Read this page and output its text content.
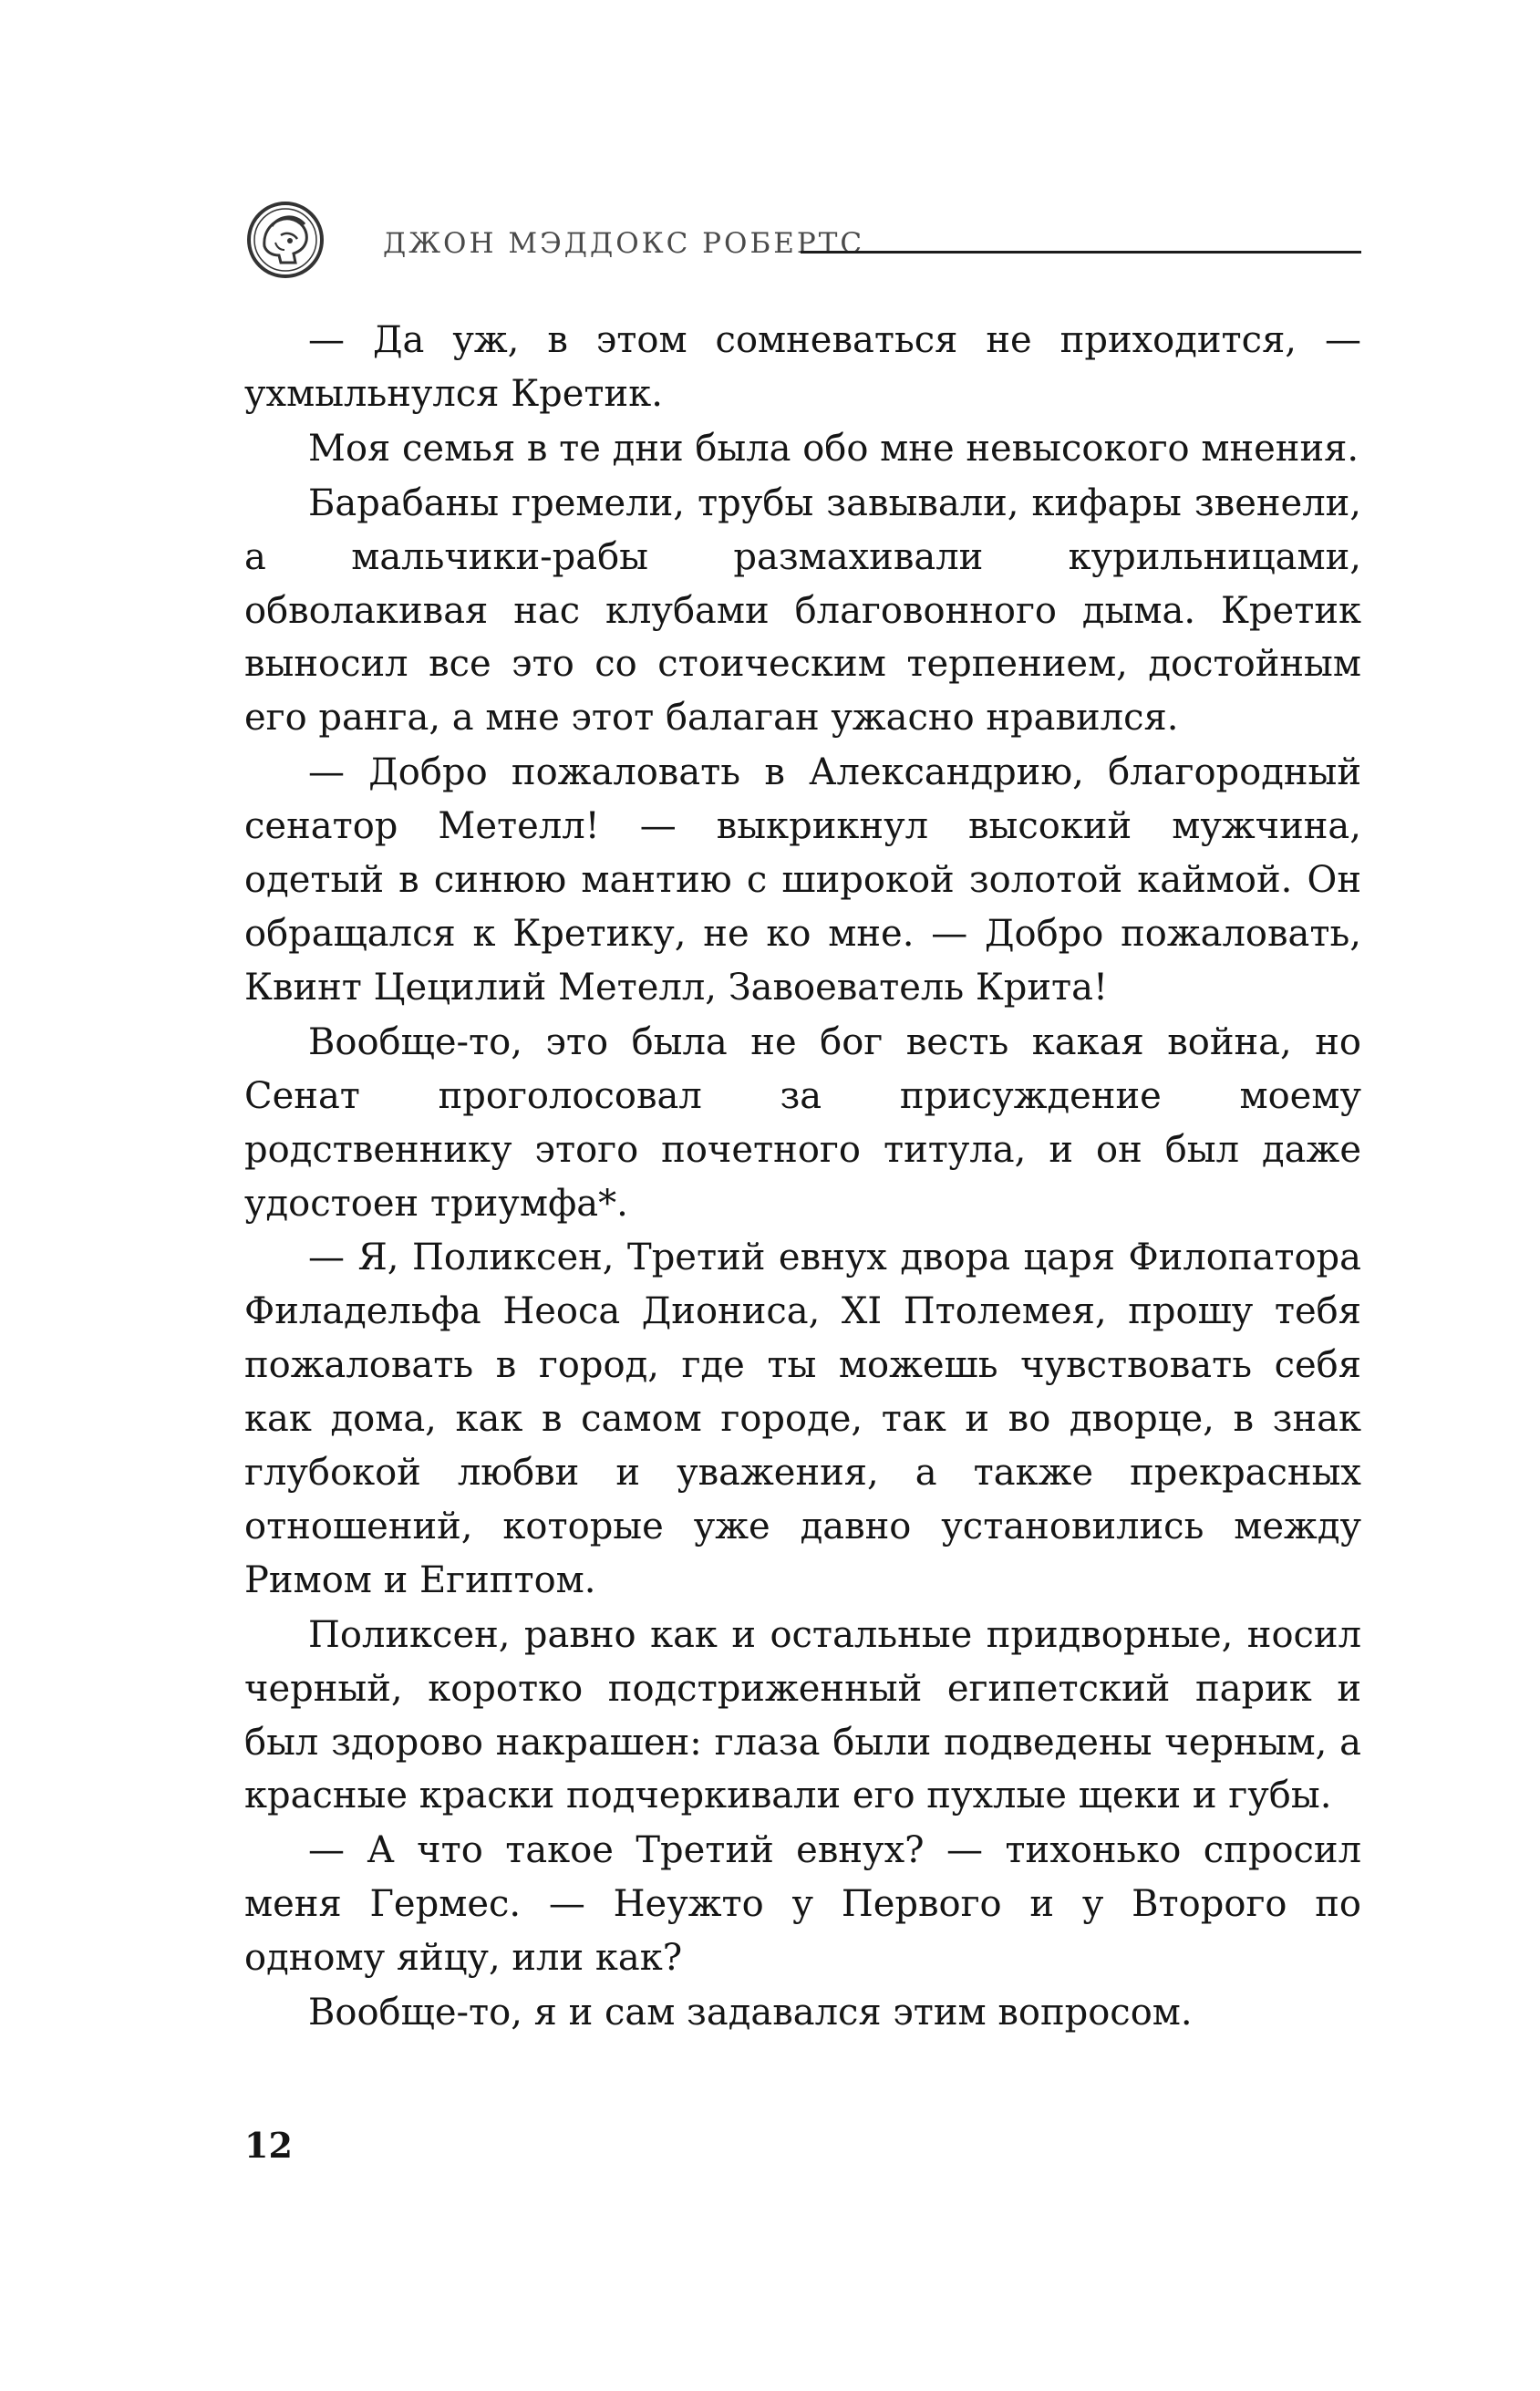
ДЖОН МЭДДОКС РОБЕРТС

— Да уж, в этом сомневаться не приходится, — ухмыльнулся Кретик.

Моя семья в те дни была обо мне невысокого мнения.

Барабаны гремели, трубы завывали, кифары звенели, а мальчики-рабы размахивали курильницами, обволакивая нас клубами благовонного дыма. Кретик выносил все это со стоическим терпением, достойным его ранга, а мне этот балаган ужасно нравился.

— Добро пожаловать в Александрию, благородный сенатор Метелл! — выкрикнул высокий мужчина, одетый в синюю мантию с широкой золотой каймой. Он обращался к Кретику, не ко мне. — Добро пожаловать, Квинт Цецилий Метелл, Завоеватель Крита!

Вообще-то, это была не бог весть какая война, но Сенат проголосовал за присуждение моему родственнику этого почетного титула, и он был даже удостоен триумфа*.

— Я, Поликсен, Третий евнух двора царя Филопатора Филадельфа Неоса Диониса, XI Птолемея, прошу тебя пожаловать в город, где ты можешь чувствовать себя как дома, как в самом городе, так и во дворце, в знак глубокой любви и уважения, а также прекрасных отношений, которые уже давно установились между Римом и Египтом.

Поликсен, равно как и остальные придворные, носил черный, коротко подстриженный египетский парик и был здорово накрашен: глаза были подведены черным, а красные краски подчеркивали его пухлые щеки и губы.

— А что такое Третий евнух? — тихонько спросил меня Гермес. — Неужто у Первого и у Второго по одному яйцу, или как?

Вообще-то, я и сам задавался этим вопросом.

12
